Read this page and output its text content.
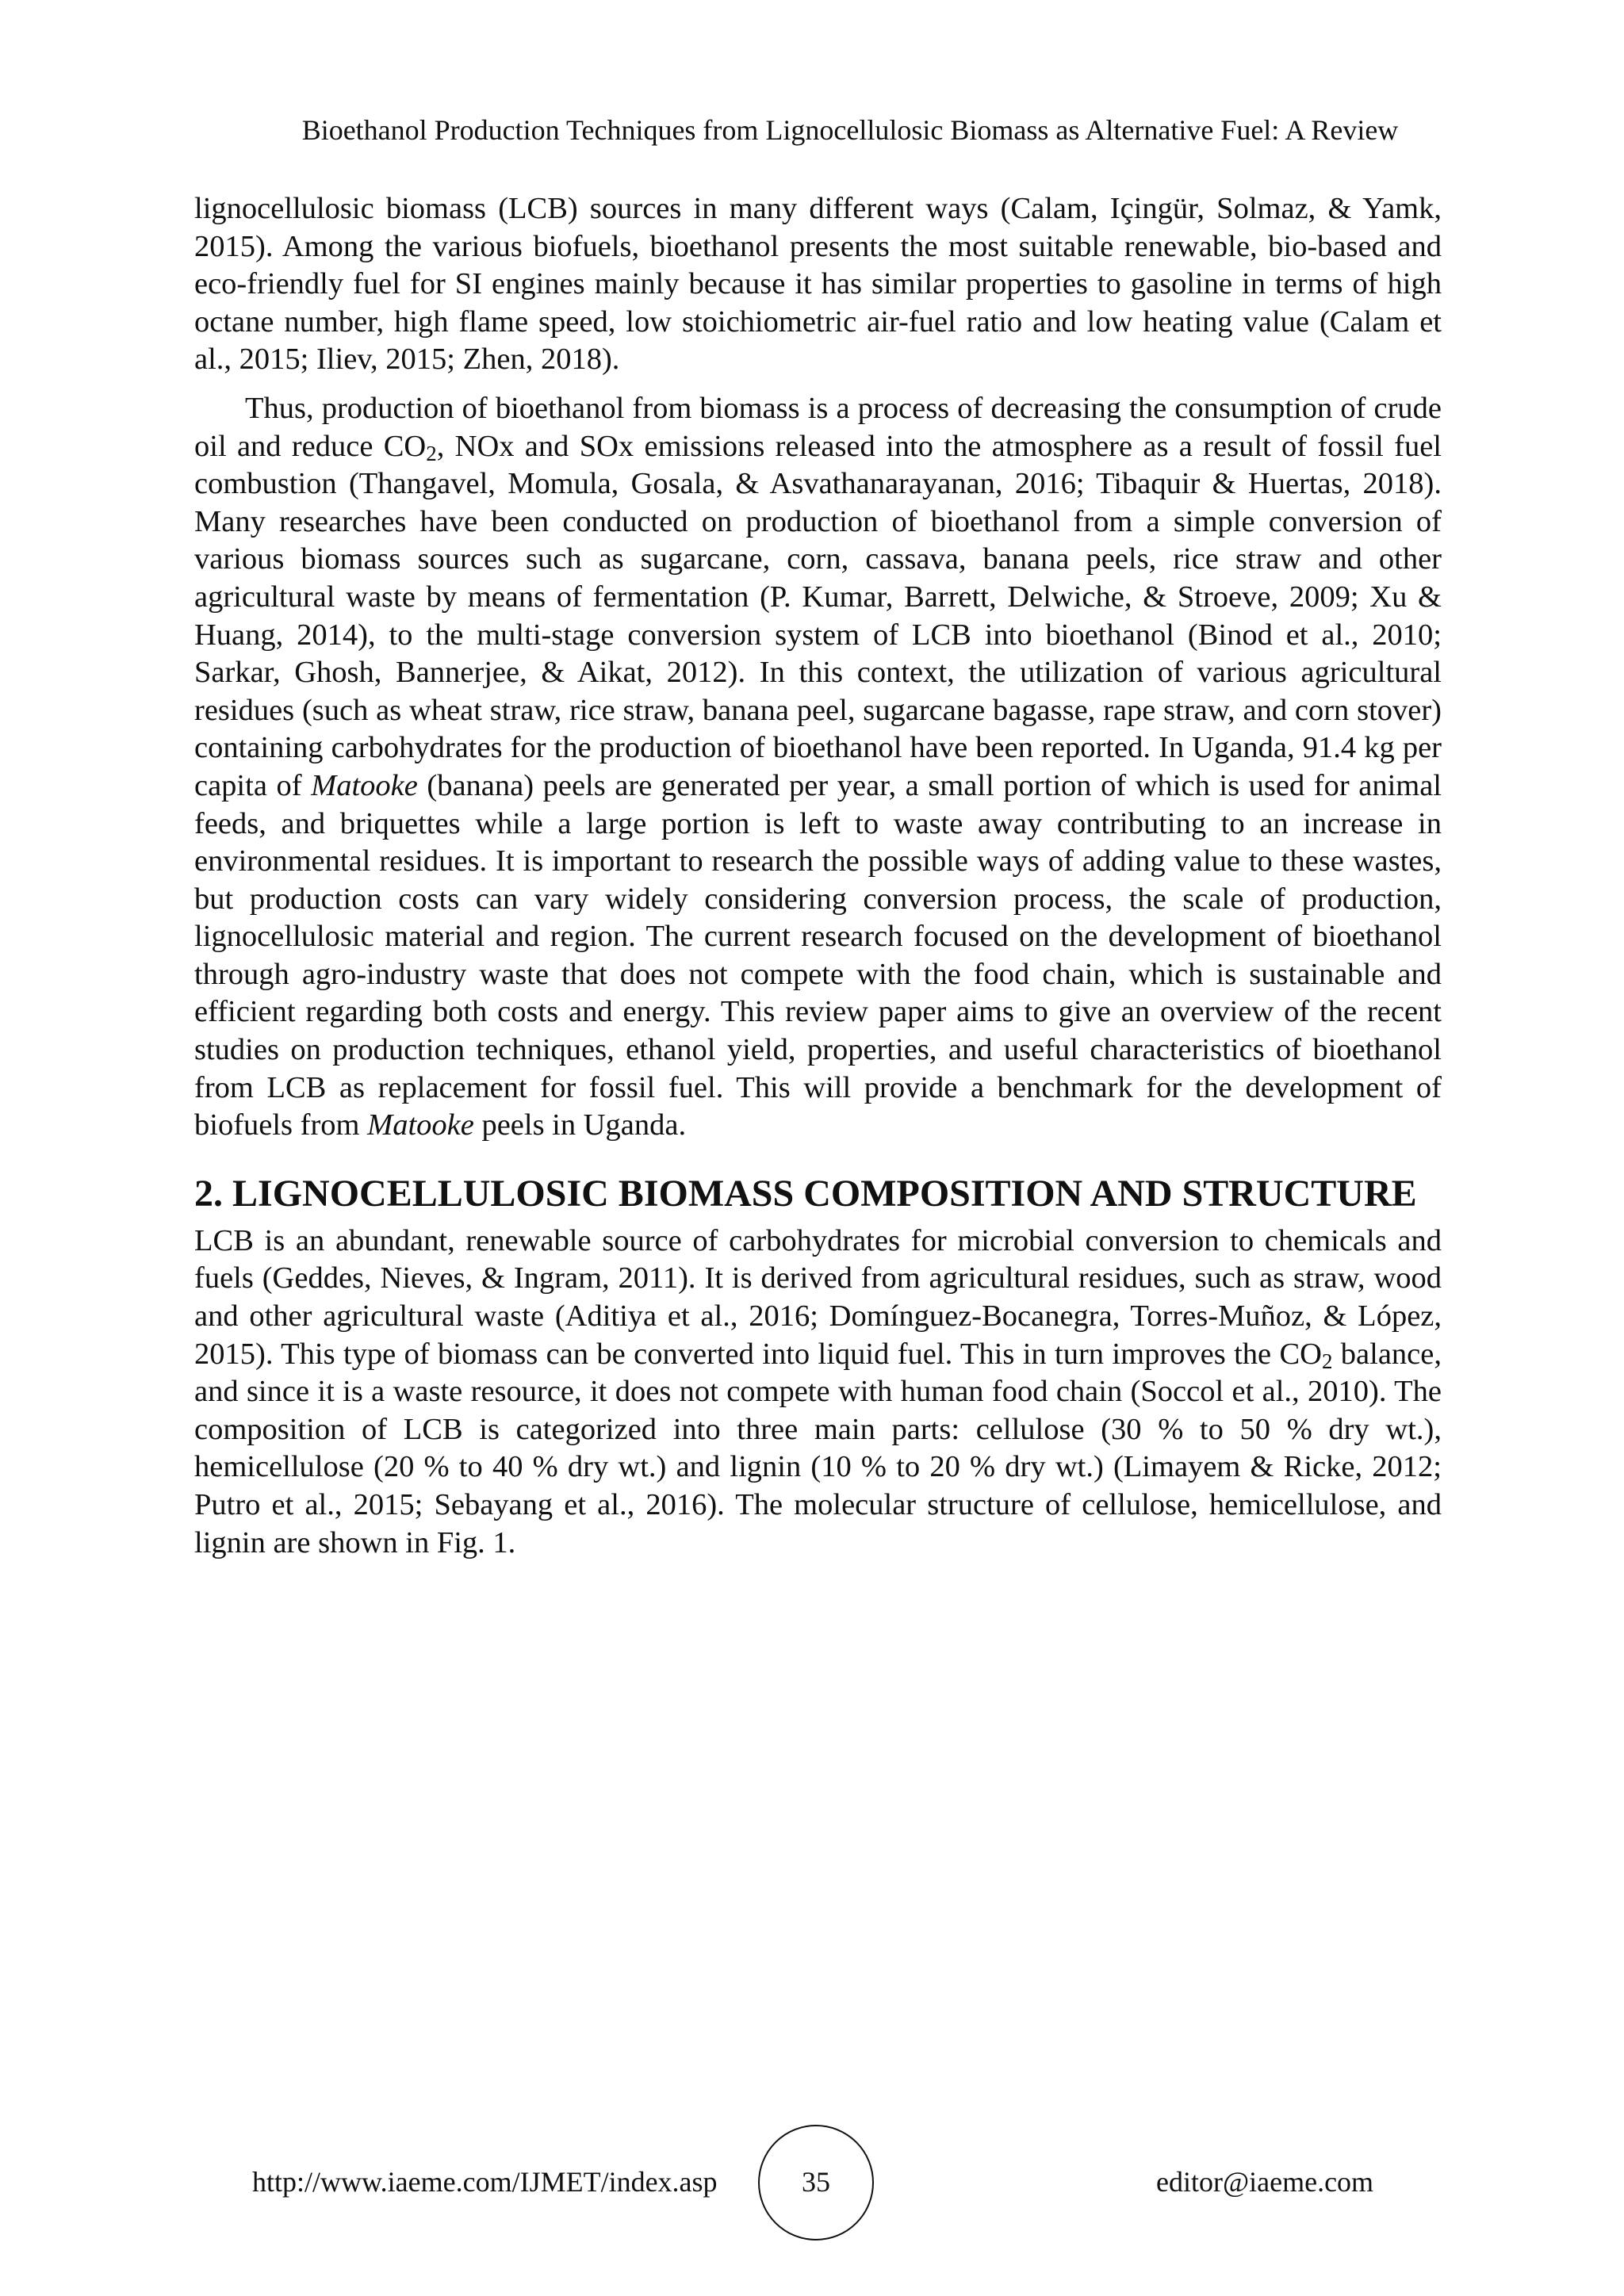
Bioethanol Production Techniques from Lignocellulosic Biomass as Alternative Fuel: A Review

lignocellulosic biomass (LCB) sources in many different ways (Calam, Içingür, Solmaz, & Yamk, 2015). Among the various biofuels, bioethanol presents the most suitable renewable, bio-based and eco-friendly fuel for SI engines mainly because it has similar properties to gasoline in terms of high octane number, high flame speed, low stoichiometric air-fuel ratio and low heating value (Calam et al., 2015; Iliev, 2015; Zhen, 2018).

Thus, production of bioethanol from biomass is a process of decreasing the consumption of crude oil and reduce $CO_2$, NOx and SOx emissions released into the atmosphere as a result of fossil fuel combustion (Thangavel, Momula, Gosala, & Asvathanarayanan, 2016; Tibaquir & Huertas, 2018). Many researches have been conducted on production of bioethanol from a simple conversion of various biomass sources such as sugarcane, corn, cassava, banana peels, rice straw and other agricultural waste by means of fermentation (P. Kumar, Barrett, Delwiche, & Stroeve, 2009; Xu & Huang, 2014), to the multi-stage conversion system of LCB into bioethanol (Binod et al., 2010; Sarkar, Ghosh, Bannerjee, & Aikat, 2012). In this context, the utilization of various agricultural residues (such as wheat straw, rice straw, banana peel, sugarcane bagasse, rape straw, and corn stover) containing carbohydrates for the production of bioethanol have been reported. In Uganda, 91.4 kg per capita of Matooke (banana) peels are generated per year, a small portion of which is used for animal feeds, and briquettes while a large portion is left to waste away contributing to an increase in environmental residues. It is important to research the possible ways of adding value to these wastes, but production costs can vary widely considering conversion process, the scale of production, lignocellulosic material and region. The current research focused on the development of bioethanol through agro-industry waste that does not compete with the food chain, which is sustainable and efficient regarding both costs and energy. This review paper aims to give an overview of the recent studies on production techniques, ethanol yield, properties, and useful characteristics of bioethanol from LCB as replacement for fossil fuel. This will provide a benchmark for the development of biofuels from Matooke peels in Uganda.

2. LIGNOCELLULOSIC BIOMASS COMPOSITION AND STRUCTURE

LCB is an abundant, renewable source of carbohydrates for microbial conversion to chemicals and fuels (Geddes, Nieves, & Ingram, 2011). It is derived from agricultural residues, such as straw, wood and other agricultural waste (Aditiya et al., 2016; Domínguez-Bocanegra, Torres-Muñoz, & López, 2015). This type of biomass can be converted into liquid fuel. This in turn improves the $CO_2$ balance, and since it is a waste resource, it does not compete with human food chain (Soccol et al., 2010). The composition of LCB is categorized into three main parts: cellulose (30 % to 50 % dry wt.), hemicellulose (20 % to 40 % dry wt.) and lignin (10 % to 20 % dry wt.) (Limayem & Ricke, 2012; Putro et al., 2015; Sebayang et al., 2016). The molecular structure of cellulose, hemicellulose, and lignin are shown in Fig. 1.

http://www.iaeme.com/IJMET/index.asp	35	editor@iaeme.com
